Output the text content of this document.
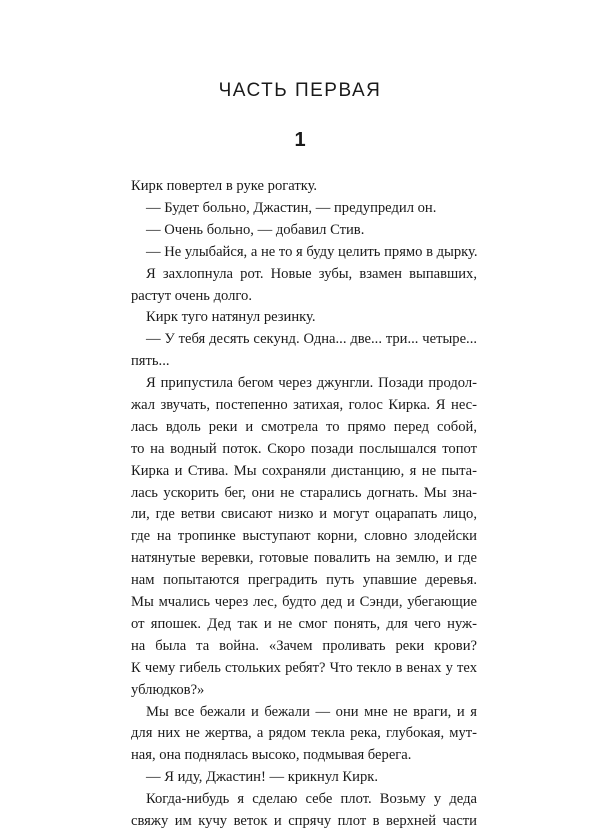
ЧАСТЬ ПЕРВАЯ
1
Кирк повертел в руке рогатку.
— Будет больно, Джастин, — предупредил он.
— Очень больно, — добавил Стив.
— Не улыбайся, а не то я буду целить прямо в дырку.
Я захлопнула рот. Новые зубы, взамен выпавших,
растут очень долго.
Кирк туго натянул резинку.
— У тебя десять секунд. Одна... две... три... четыре...
пять...
Я припустила бегом через джунгли. Позади продол-
жал звучать, постепенно затихая, голос Кирка. Я нес-
лась вдоль реки и смотрела то прямо перед собой,
то на водный поток. Скоро позади послышался топот
Кирка и Стива. Мы сохраняли дистанцию, я не пыта-
лась ускорить бег, они не старались догнать. Мы зна-
ли, где ветви свисают низко и могут оцарапать лицо,
где на тропинке выступают корни, словно злодейски
натянутые веревки, готовые повалить на землю, и где
нам попытаются преградить путь упавшие деревья.
Мы мчались через лес, будто дед и Сэнди, убегающие
от япошек. Дед так и не смог понять, для чего нуж-
на была та война. «Зачем проливать реки крови?
К чему гибель стольких ребят? Что текло в венах у тех
ублюдков?»
Мы все бежали и бежали — они мне не враги, и я
для них не жертва, а рядом текла река, глубокая, мут-
ная, она поднялась высоко, подмывая берега.
— Я иду, Джастин! — крикнул Кирк.
Когда-нибудь я сделаю себе плот. Возьму у деда
свяжу им кучу веток и спрячу плот в верхней части
